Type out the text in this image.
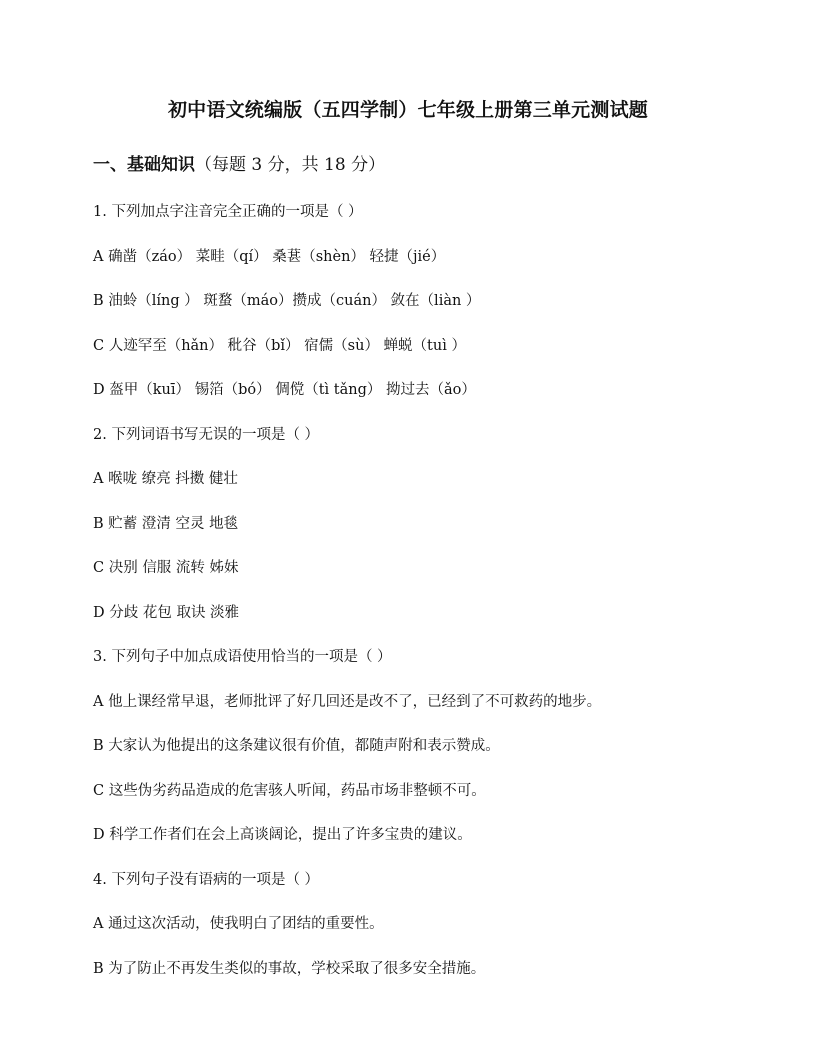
初中语文统编版（五四学制）七年级上册第三单元测试题
一、基础知识（每题 3 分，共 18 分）
1. 下列加点字注音完全正确的一项是（ ）
A 确凿（záo） 菜畦（qí） 桑葚（shèn） 轻捷（jié）
B 油蛉（líng ） 斑蝥（máo）攒成（cuán） 敛在（liàn ）
C 人迹罕至（hǎn） 秕谷（bǐ） 宿儒（sù） 蝉蜕（tuì ）
D 盔甲（kuī） 锡箔（bó） 倜傥（tì tǎng） 拗过去（ǎo）
2. 下列词语书写无误的一项是（ ）
A 喉咙 缭亮 抖擞 健壮
B 贮蓄 澄清 空灵 地毯
C 决别 信服 流转 姊妹
D 分歧 花包 取诀 淡雅
3. 下列句子中加点成语使用恰当的一项是（ ）
A 他上课经常早退，老师批评了好几回还是改不了，已经到了不可救药的地步。
B 大家认为他提出的这条建议很有价值，都随声附和表示赞成。
C 这些伪劣药品造成的危害骇人听闻，药品市场非整顿不可。
D 科学工作者们在会上高谈阔论，提出了许多宝贵的建议。
4. 下列句子没有语病的一项是（ ）
A 通过这次活动，使我明白了团结的重要性。
B 为了防止不再发生类似的事故，学校采取了很多安全措施。
